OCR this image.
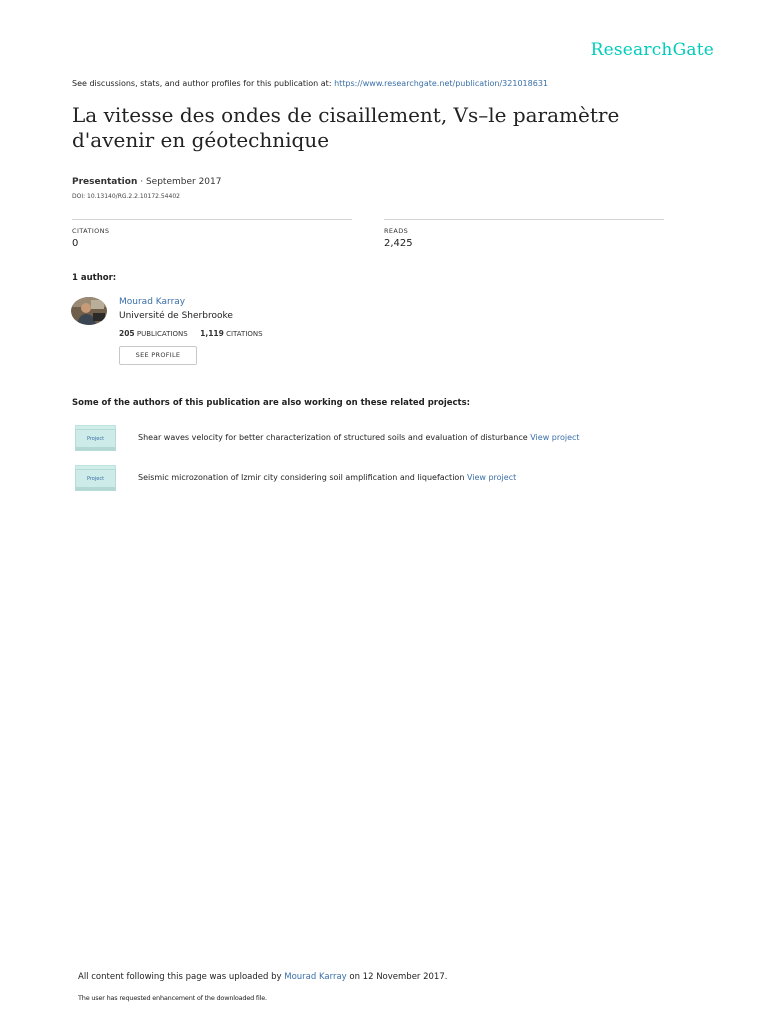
ResearchGate
See discussions, stats, and author profiles for this publication at: https://www.researchgate.net/publication/321018631
La vitesse des ondes de cisaillement, Vs–le paramètre d'avenir en géotechnique
Presentation · September 2017
DOI: 10.13140/RG.2.2.10172.54402
CITATIONS
0
READS
2,425
1 author:
Mourad Karray
Université de Sherbrooke
205 PUBLICATIONS 1,119 CITATIONS
SEE PROFILE
Some of the authors of this publication are also working on these related projects:
Project	Shear waves velocity for better characterization of structured soils and evaluation of disturbance View project
Project	Seismic microzonation of Izmir city considering soil amplification and liquefaction View project
All content following this page was uploaded by Mourad Karray on 12 November 2017.
The user has requested enhancement of the downloaded file.
